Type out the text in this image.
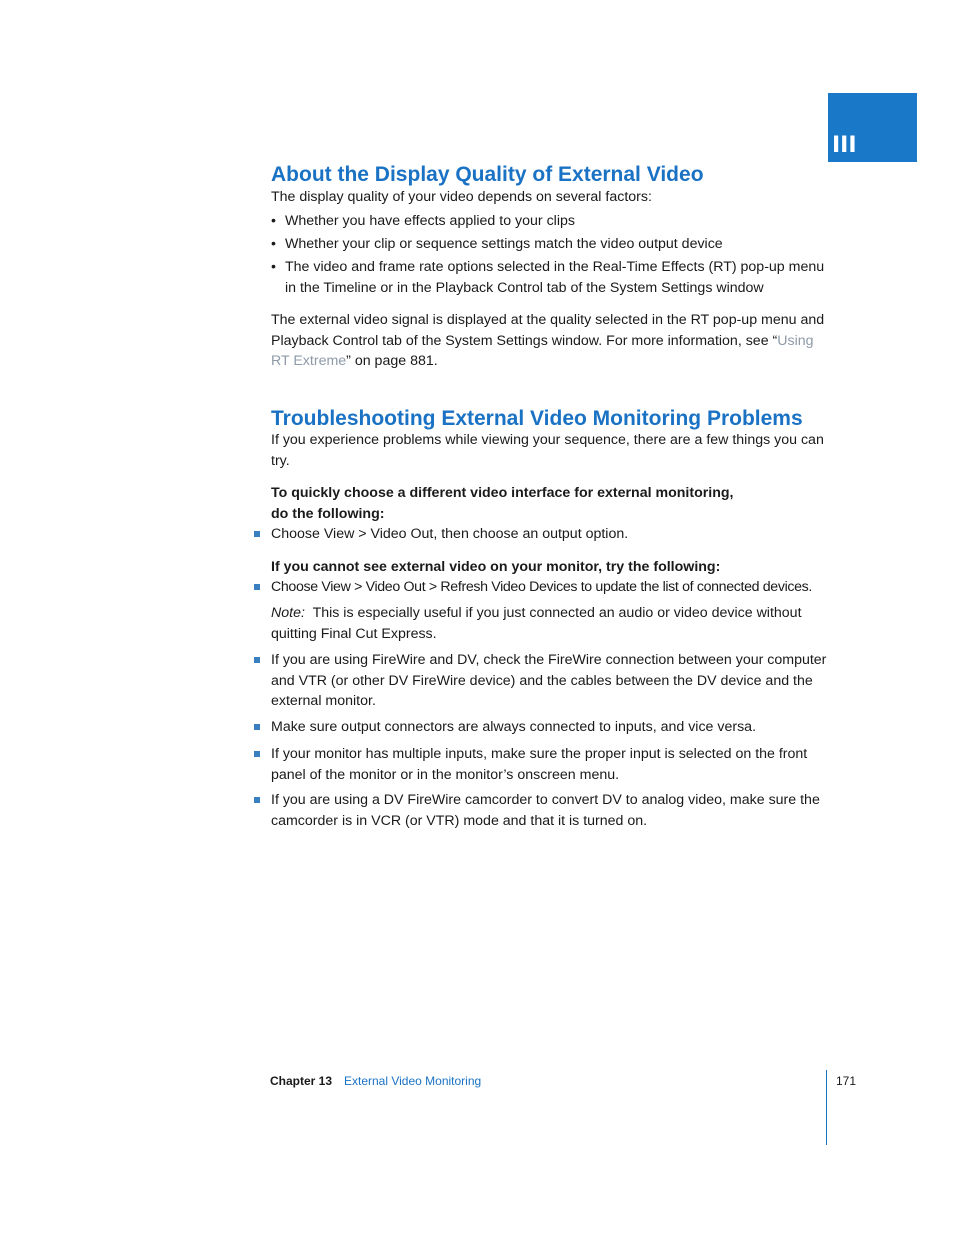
III
About the Display Quality of External Video

The display quality of your video depends on several factors:

• Whether you have effects applied to your clips

• Whether your clip or sequence settings match the video output device

• The video and frame rate options selected in the Real-Time Effects (RT) pop-up menu in the Timeline or in the Playback Control tab of the System Settings window

The external video signal is displayed at the quality selected in the RT pop-up menu and Playback Control tab of the System Settings window. For more information, see “Using RT Extreme” on page 881.

Troubleshooting External Video Monitoring Problems

If you experience problems while viewing your sequence, there are a few things you can try.

To quickly choose a different video interface for external monitoring,
do the following:

Choose View > Video Out, then choose an output option.

If you cannot see external video on your monitor, try the following:

Choose View > Video Out > Refresh Video Devices to update the list of connected devices.

Note: This is especially useful if you just connected an audio or video device without quitting Final Cut Express.

If you are using FireWire and DV, check the FireWire connection between your computer and VTR (or other DV FireWire device) and the cables between the DV device and the external monitor.

Make sure output connectors are always connected to inputs, and vice versa.

If your monitor has multiple inputs, make sure the proper input is selected on the front panel of the monitor or in the monitor’s onscreen menu.

If you are using a DV FireWire camcorder to convert DV to analog video, make sure the camcorder is in VCR (or VTR) mode and that it is turned on.

Chapter 13 External Video Monitoring	171
